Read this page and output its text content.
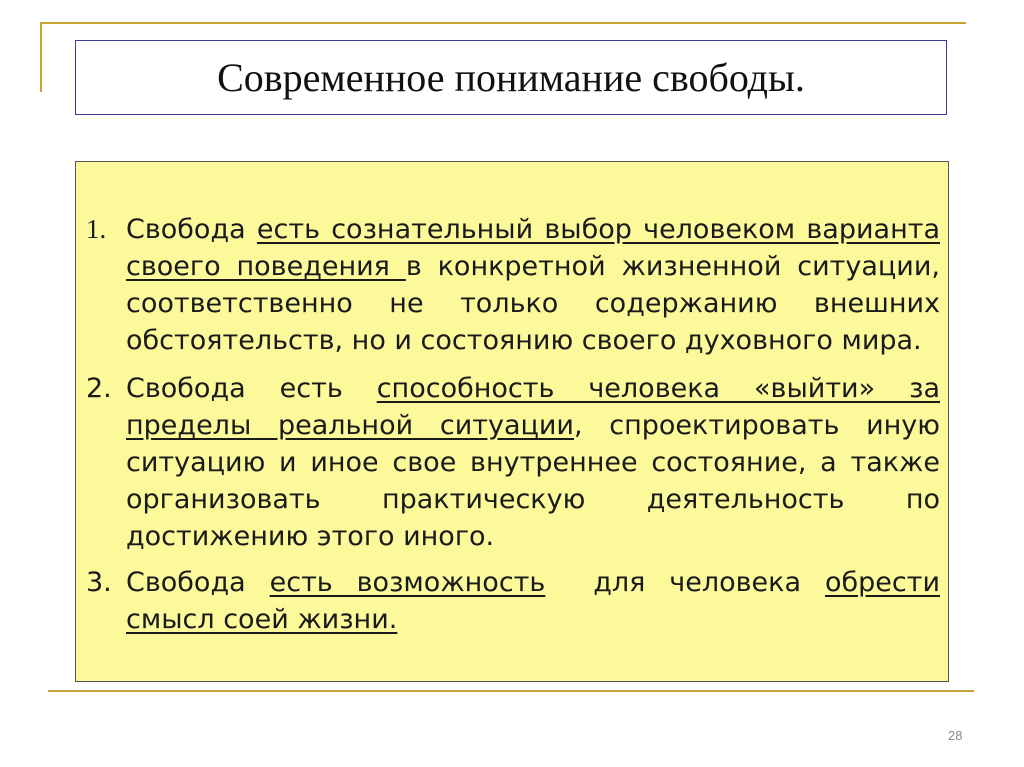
Современное понимание свободы.
1. Свобода есть сознательный выбор человеком варианта своего поведения в конкретной жизненной ситуации, соответственно не только содержанию внешних обстоятельств, но и состоянию своего духовного мира.
2. Свобода есть способность человека «выйти» за пределы реальной ситуации, спроектировать иную ситуацию и иное свое внутреннее состояние, а также организовать практическую деятельность по достижению этого иного.
3. Свобода есть возможность  для человека обрести смысл соей жизни.
28
